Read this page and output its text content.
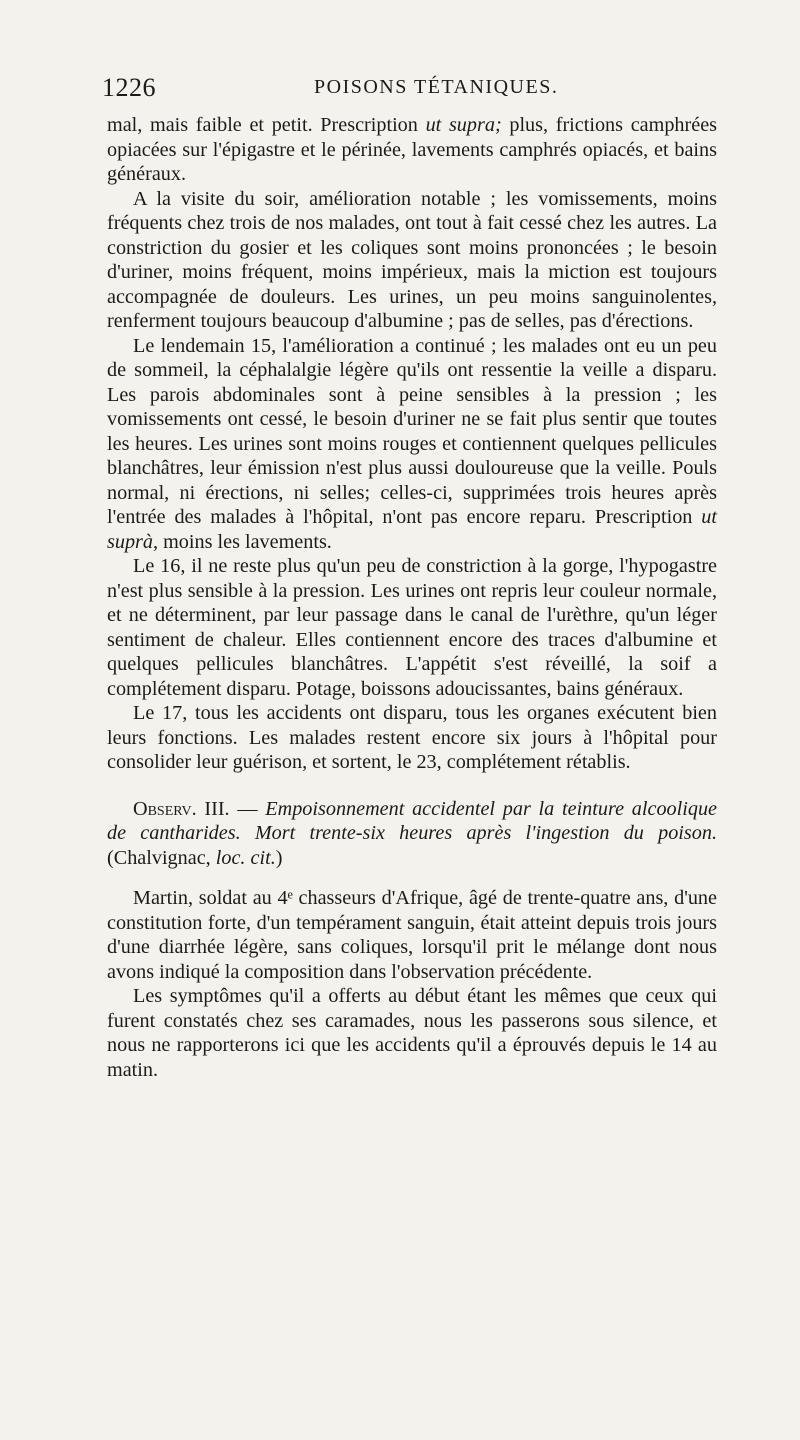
1226	POISONS TÉTANIQUES.

mal, mais faible et petit. Prescription ut supra; plus, frictions camphrées opiacées sur l'épigastre et le périnée, lavements camphrés opiacés, et bains généraux.

A la visite du soir, amélioration notable ; les vomissements, moins fréquents chez trois de nos malades, ont tout à fait cessé chez les autres. La constriction du gosier et les coliques sont moins prononcées ; le besoin d'uriner, moins fréquent, moins impérieux, mais la miction est toujours accompagnée de douleurs. Les urines, un peu moins sanguinolentes, renferment toujours beaucoup d'albumine ; pas de selles, pas d'érections.

Le lendemain 15, l'amélioration a continué ; les malades ont eu un peu de sommeil, la céphalalgie légère qu'ils ont ressentie la veille a disparu. Les parois abdominales sont à peine sensibles à la pression ; les vomissements ont cessé, le besoin d'uriner ne se fait plus sentir que toutes les heures. Les urines sont moins rouges et contiennent quelques pellicules blanchâtres, leur émission n'est plus aussi douloureuse que la veille. Pouls normal, ni érections, ni selles; celles-ci, supprimées trois heures après l'entrée des malades à l'hôpital, n'ont pas encore reparu. Prescription ut suprà, moins les lavements.

Le 16, il ne reste plus qu'un peu de constriction à la gorge, l'hypogastre n'est plus sensible à la pression. Les urines ont repris leur couleur normale, et ne déterminent, par leur passage dans le canal de l'urèthre, qu'un léger sentiment de chaleur. Elles contiennent encore des traces d'albumine et quelques pellicules blanchâtres. L'appétit s'est réveillé, la soif a complétement disparu. Potage, boissons adoucissantes, bains généraux.

Le 17, tous les accidents ont disparu, tous les organes exécutent bien leurs fonctions. Les malades restent encore six jours à l'hôpital pour consolider leur guérison, et sortent, le 23, complétement rétablis.

Observ. III. — Empoisonnement accidentel par la teinture alcoolique de cantharides. Mort trente-six heures après l'ingestion du poison. (Chalvignac, loc. cit.)

Martin, soldat au 4ᵉ chasseurs d'Afrique, âgé de trente-quatre ans, d'une constitution forte, d'un tempérament sanguin, était atteint depuis trois jours d'une diarrhée légère, sans coliques, lorsqu'il prit le mélange dont nous avons indiqué la composition dans l'observation précédente.

Les symptômes qu'il a offerts au début étant les mêmes que ceux qui furent constatés chez ses caramades, nous les passerons sous silence, et nous ne rapporterons ici que les accidents qu'il a éprouvés depuis le 14 au matin.
